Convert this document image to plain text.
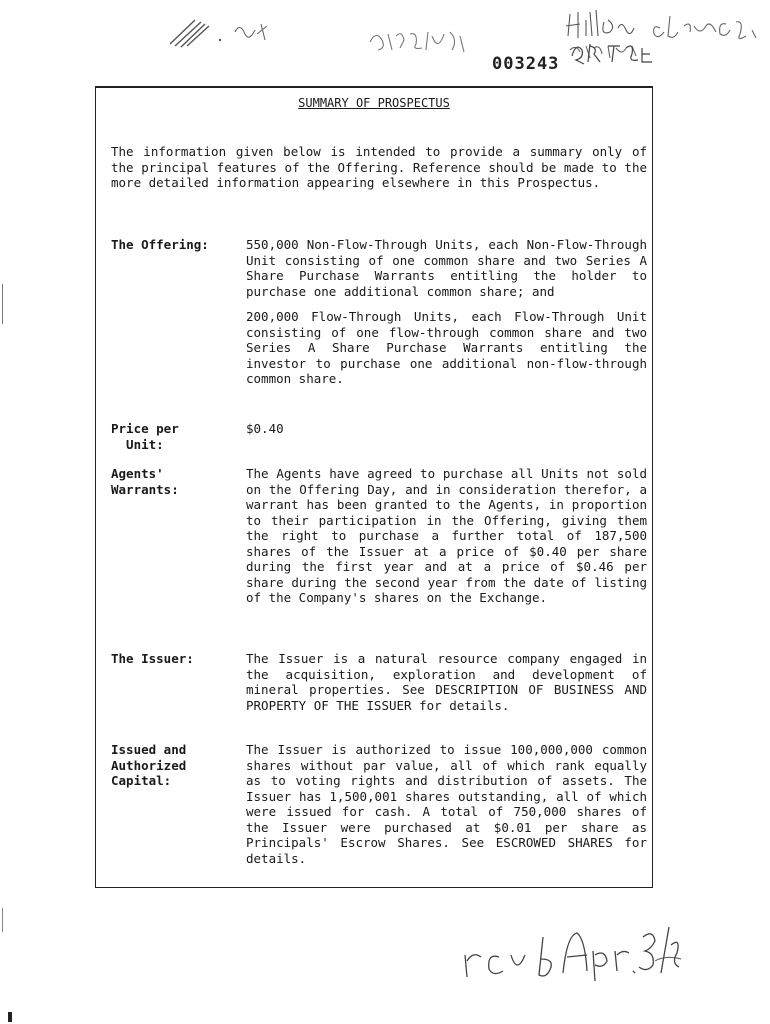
003243
SUMMARY OF PROSPECTUS

The information given below is intended to provide a summary only of the principal features of the Offering. Reference should be made to the more detailed information appearing elsewhere in this Prospectus.

The Offering:	550,000 Non-Flow-Through Units, each Non-Flow-Through Unit consisting of one common share and two Series A Share Purchase Warrants entitling the holder to purchase one additional common share; and

200,000 Flow-Through Units, each Flow-Through Unit consisting of one flow-through common share and two Series A Share Purchase Warrants entitling the investor to purchase one additional non-flow-through common share.

Price per
Unit:

$0.40

Agents'
Warrants:

The Agents have agreed to purchase all Units not sold on the Offering Day, and in consideration therefor, a warrant has been granted to the Agents, in proportion to their participation in the Offering, giving them the right to purchase a further total of 187,500 shares of the Issuer at a price of $0.40 per share during the first year and at a price of $0.46 per share during the second year from the date of listing of the Company's shares on the Exchange.

The Issuer:	The Issuer is a natural resource company engaged in the acquisition, exploration and development of mineral properties. See DESCRIPTION OF BUSINESS AND PROPERTY OF THE ISSUER for details.

Issued and
Authorized
Capital:

The Issuer is authorized to issue 100,000,000 common shares without par value, all of which rank equally as to voting rights and distribution of assets. The Issuer has 1,500,001 shares outstanding, all of which were issued for cash. A total of 750,000 shares of the Issuer were purchased at $0.01 per share as Principals' Escrow Shares. See ESCROWED SHARES for details.
